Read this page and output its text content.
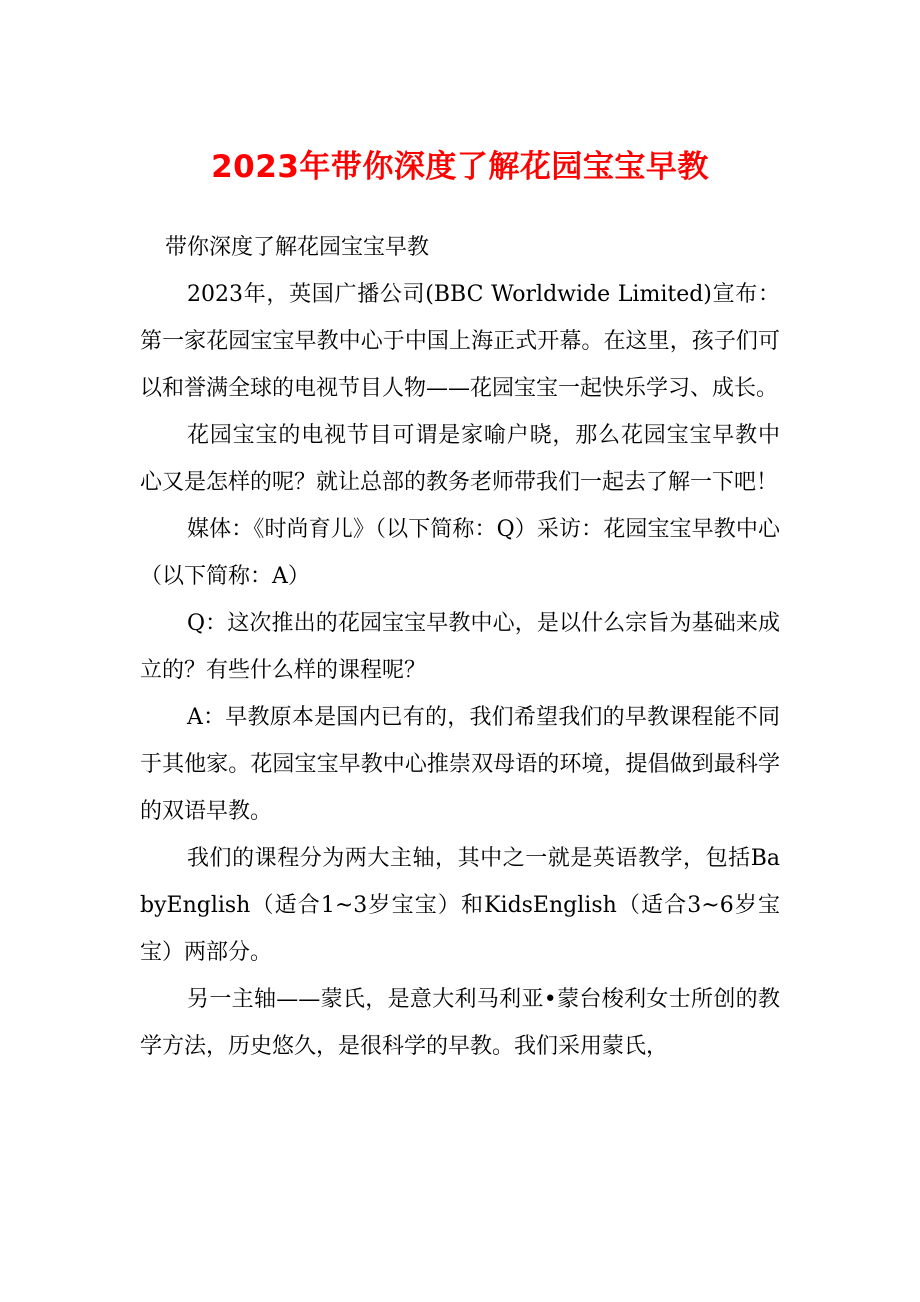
2023年带你深度了解花园宝宝早教

带你深度了解花园宝宝早教

2023年，英国广播公司(BBC Worldwide Limited)宣布：第一家花园宝宝早教中心于中国上海正式开幕。在这里，孩子们可以和誉满全球的电视节目人物——花园宝宝一起快乐学习、成长。

花园宝宝的电视节目可谓是家喻户晓，那么花园宝宝早教中心又是怎样的呢？就让总部的教务老师带我们一起去了解一下吧！

媒体：《时尚育儿》（以下简称：Q）采访：花园宝宝早教中心（以下简称：A）

Q：这次推出的花园宝宝早教中心，是以什么宗旨为基础来成立的？有些什么样的课程呢？

A：早教原本是国内已有的，我们希望我们的早教课程能不同于其他家。花园宝宝早教中心推崇双母语的环境，提倡做到最科学的双语早教。

我们的课程分为两大主轴，其中之一就是英语教学，包括BabyEnglish（适合1~3岁宝宝）和KidsEnglish（适合3~6岁宝宝）两部分。

另一主轴——蒙氏，是意大利马利亚•蒙台梭利女士所创的教学方法，历史悠久，是很科学的早教。我们采用蒙氏，
